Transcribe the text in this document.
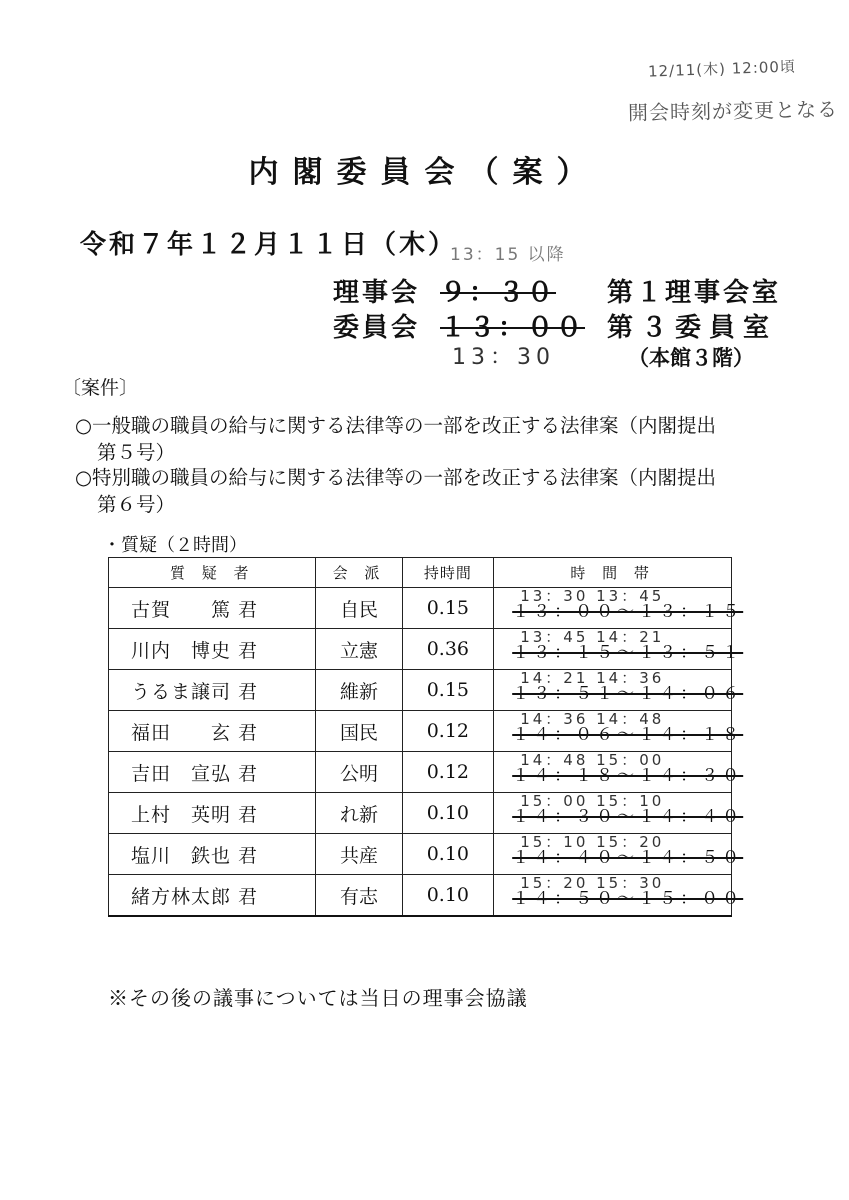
12/11(木) 12:00頃
開会時刻が変更となる
内閣委員会（案）
令和７年１２月１１日（木）
13：15 以降
理事会 ９：３０ 第１理事会室
委員会 １３：００ 第３委員室
13：30	（本館３階）
〔案件〕
○一般職の職員の給与に関する法律等の一部を改正する法律案（内閣提出
第５号）
○特別職の職員の給与に関する法律等の一部を改正する法律案（内閣提出
第６号）
・質疑（２時間）
質 疑 者	会 派	持時間	時 間 帯
古賀　　篤 君	自民	0.15	13：30 13：45
１３：００～１３：１５

川内　博史 君	立憲	0.36	13：45 14：21
１３：１５～１３：５１

うるま譲司 君	維新	0.15	14：21 14：36
１３：５１～１４：０６

福田　　玄 君	国民	0.12	14：36 14：48
１４：０６～１４：１８

吉田　宣弘 君	公明	0.12	14：48 15：00
１４：１８～１４：３０

上村　英明 君	れ新	0.10	15：00 15：10
１４：３０～１４：４０

塩川　鉄也 君	共産	0.10	15：10 15：20
１４：４０～１４：５０

緒方林太郎 君	有志	0.10	15：20 15：30
１４：５０～１５：００
※その後の議事については当日の理事会協議
